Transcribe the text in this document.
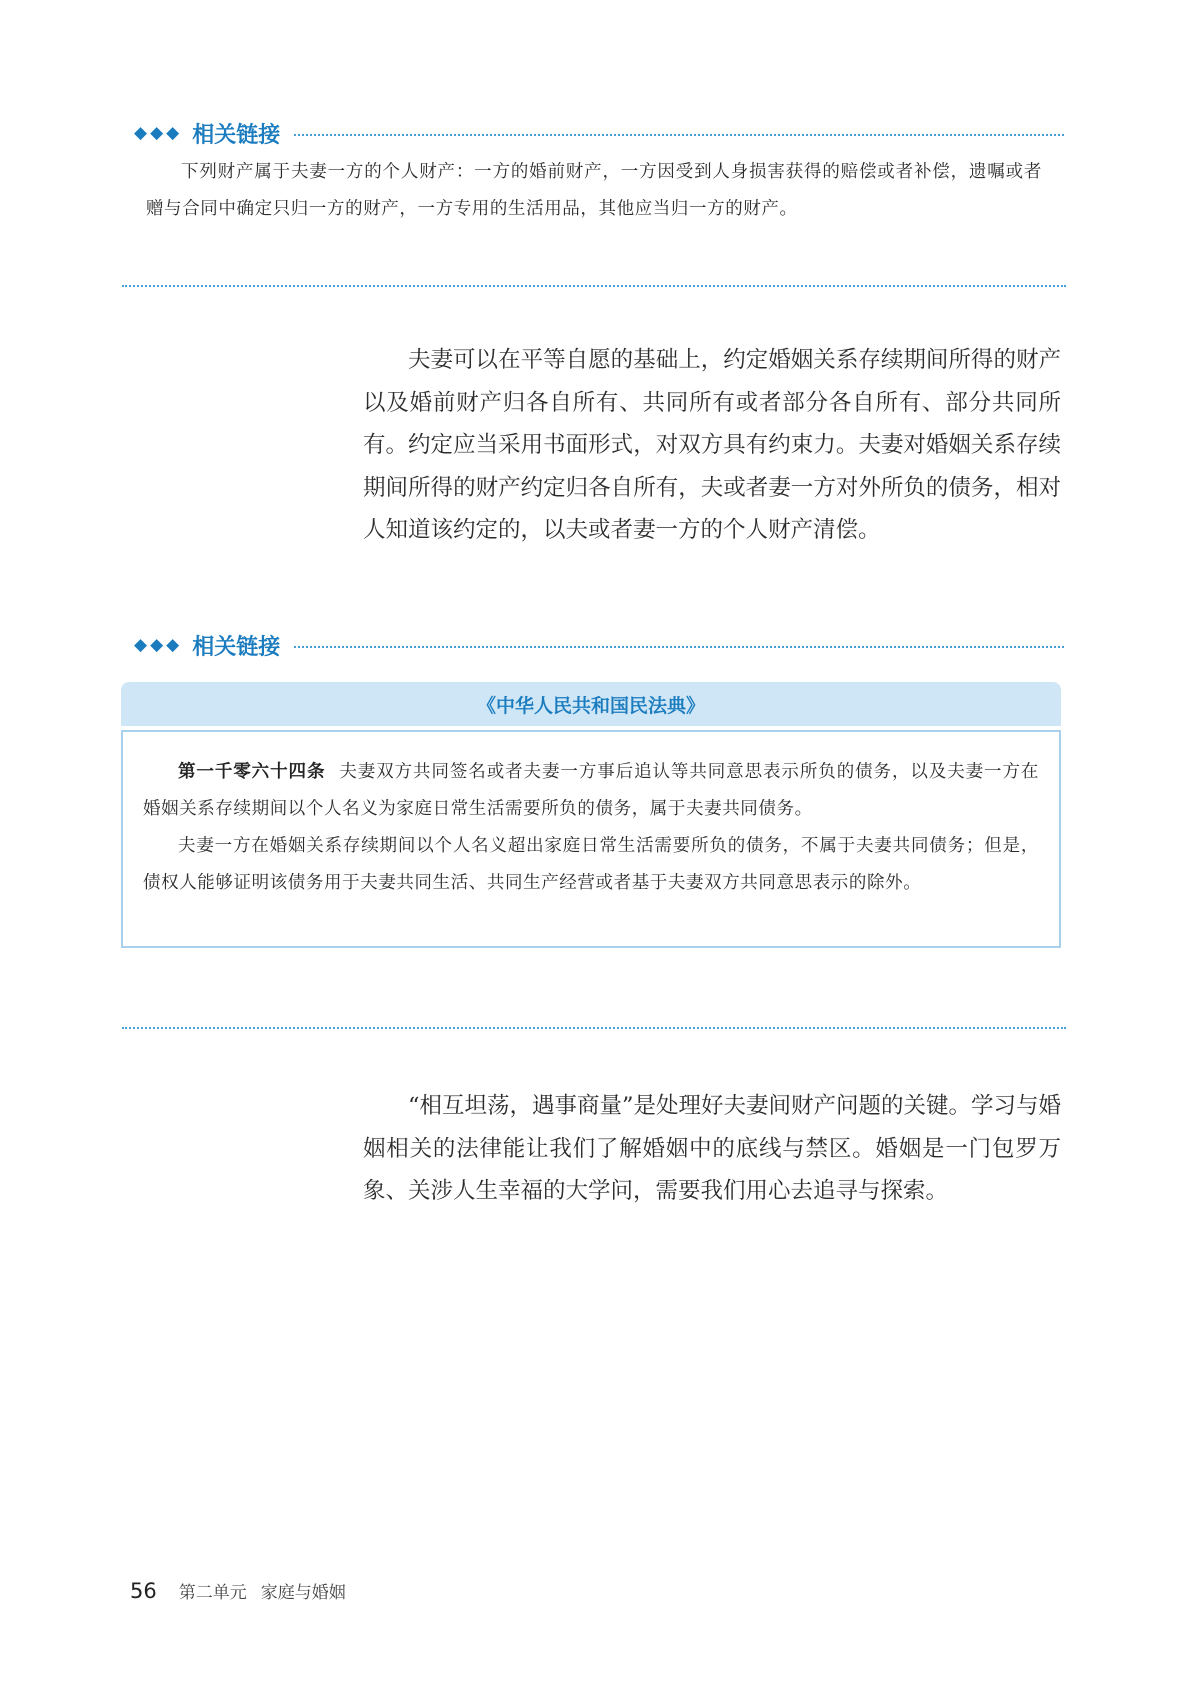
◆◆◆ 相关链接

下列财产属于夫妻一方的个人财产：一方的婚前财产，一方因受到人身损害获得的赔偿或者补偿，遗嘱或者赠与合同中确定只归一方的财产，一方专用的生活用品，其他应当归一方的财产。

夫妻可以在平等自愿的基础上，约定婚姻关系存续期间所得的财产以及婚前财产归各自所有、共同所有或者部分各自所有、部分共同所有。约定应当采用书面形式，对双方具有约束力。夫妻对婚姻关系存续期间所得的财产约定归各自所有，夫或者妻一方对外所负的债务，相对人知道该约定的，以夫或者妻一方的个人财产清偿。

◆◆◆ 相关链接
《中华人民共和国民法典》

第一千零六十四条 夫妻双方共同签名或者夫妻一方事后追认等共同意思表示所负的债务，以及夫妻一方在婚姻关系存续期间以个人名义为家庭日常生活需要所负的债务，属于夫妻共同债务。

夫妻一方在婚姻关系存续期间以个人名义超出家庭日常生活需要所负的债务，不属于夫妻共同债务；但是，债权人能够证明该债务用于夫妻共同生活、共同生产经营或者基于夫妻双方共同意思表示的除外。

“相互坦荡，遇事商量”是处理好夫妻间财产问题的关键。学习与婚姻相关的法律能让我们了解婚姻中的底线与禁区。婚姻是一门包罗万象、关涉人生幸福的大学问，需要我们用心去追寻与探索。

56 第二单元 家庭与婚姻
